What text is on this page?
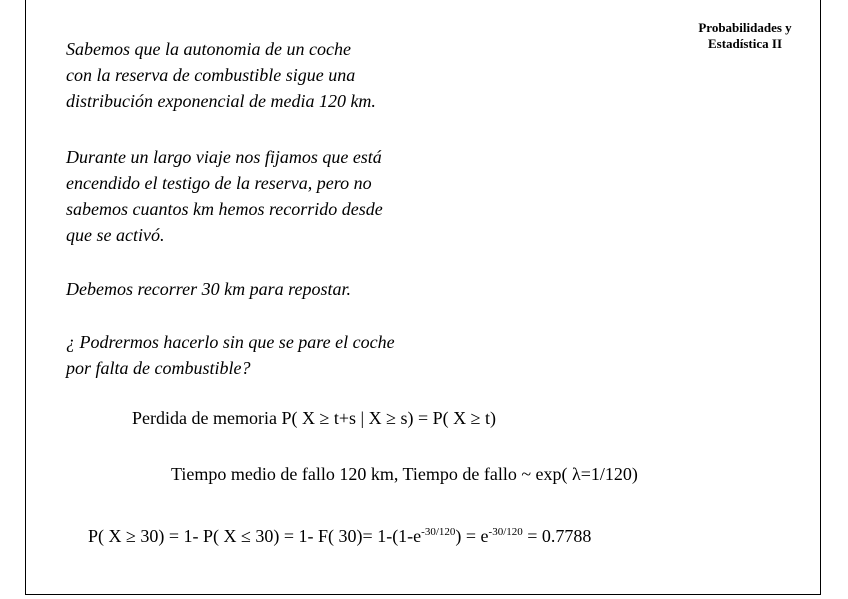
Probabilidades y
Estadística II
Sabemos que la autonomia de un coche
con la reserva de combustible sigue una
distribución exponencial de media 120 km.
Durante un largo viaje nos fijamos que está
encendido el testigo de la reserva, pero no
sabemos cuantos km hemos recorrido desde
que se activó.
Debemos recorrer 30 km para repostar.
¿ Podrermos hacerlo sin que se pare el coche
por falta de combustible?
Perdida de memoria P( X ≥ t+s | X ≥ s) = P( X ≥ t)
Tiempo medio de fallo 120 km, Tiempo de fallo ~ exp( λ=1/120)
P( X ≥ 30) = 1- P( X ≤ 30) = 1- F( $30)= 1-(1-e^{-30/120}) = e^{-30/120} = 0.7788$
